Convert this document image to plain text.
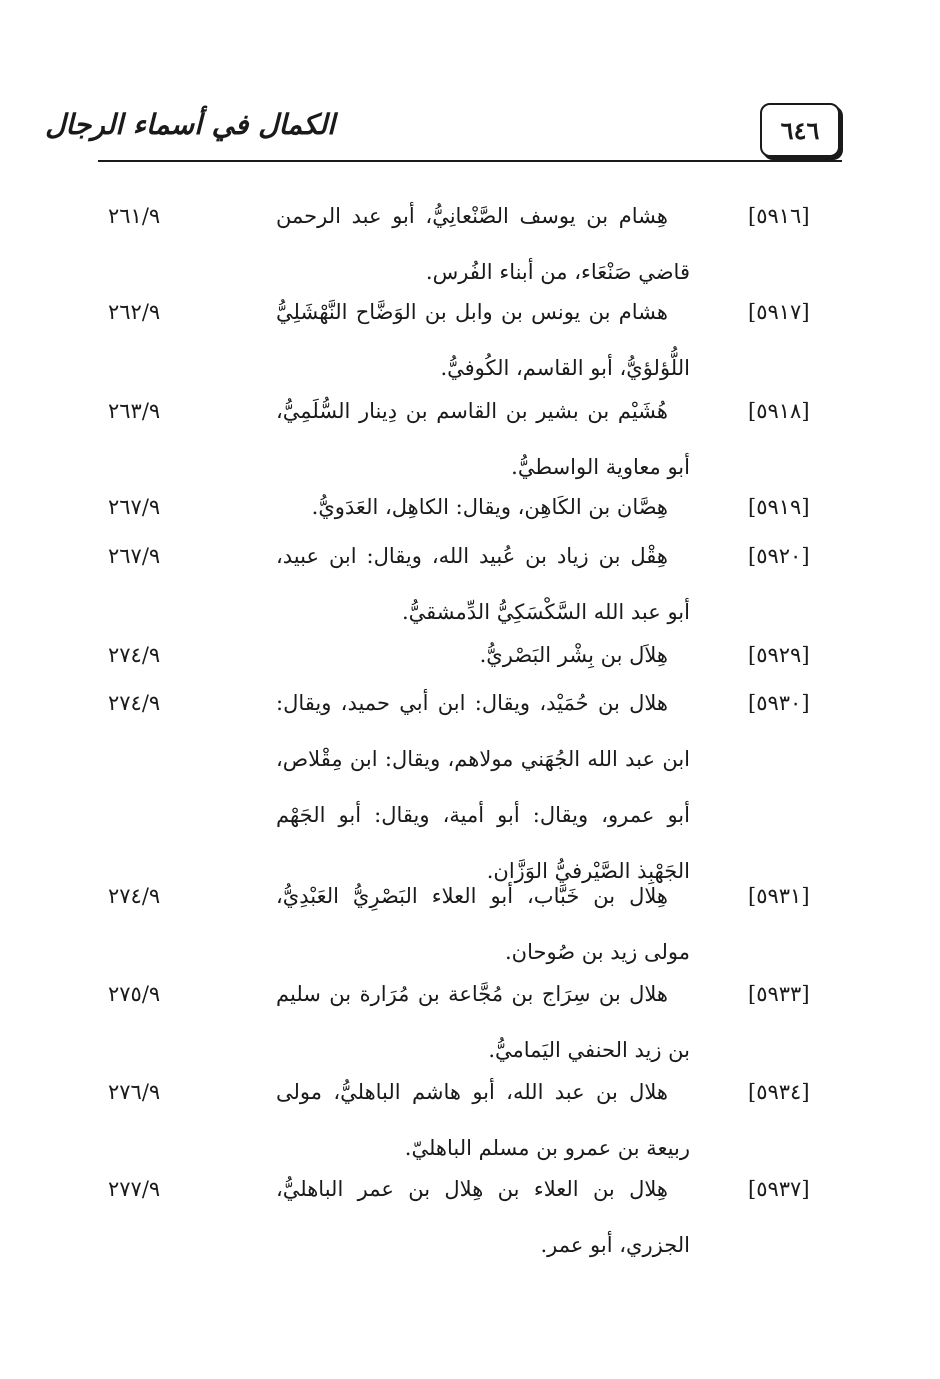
الكمال في أسماء الرجال	٦٤٦
[٥٩١٦]
هِشام بن يوسف الصَّنْعانِيُّ، أبو عبد الرحمن قاضي صَنْعَاء، من أبناء الفُرس.
٢٦١/٩
[٥٩١٧]
هشام بن يونس بن وابل بن الوَضَّاح النَّهْشَلِيُّ اللُّؤلؤيُّ، أبو القاسم، الكُوفيُّ.
٢٦٢/٩
[٥٩١٨]
هُشَيْم بن بشير بن القاسم بن دِينار السُّلَمِيُّ، أبو معاوية الواسطيُّ.
٢٦٣/٩
[٥٩١٩]
هِصَّان بن الكَاهِن، ويقال: الكاهِل، العَدَويُّ.
٢٦٧/٩
[٥٩٢٠]
هِقْل بن زياد بن عُبيد الله، ويقال: ابن عبيد، أبو عبد الله السَّكْسَكِيُّ الدِّمشقيُّ.
٢٦٧/٩
[٥٩٢٩]
هِلاَل بن بِشْر البَصْريُّ.
٢٧٤/٩
[٥٩٣٠]
هلال بن حُمَيْد، ويقال: ابن أبي حميد، ويقال: ابن عبد الله الجُهَني مولاهم، ويقال: ابن مِقْلاص، أبو عمرو، ويقال: أبو أمية، ويقال: أبو الجَهْم الجَهْبِذ الصَّيْرفيُّ الوَزَّان.
٢٧٤/٩
[٥٩٣١]
هِلال بن خَبَّاب، أبو العلاء البَصْرِيُّ العَبْدِيُّ، مولى زيد بن صُوحان.
٢٧٤/٩
[٥٩٣٣]
هلال بن سِرَاج بن مُجَّاعة بن مُرَارة بن سليم بن زيد الحنفي اليَماميُّ.
٢٧٥/٩
[٥٩٣٤]
هلال بن عبد الله، أبو هاشم الباهليُّ، مولى ربيعة بن عمرو بن مسلم الباهليّ.
٢٧٦/٩
[٥٩٣٧]
هِلال بن العلاء بن هِلال بن عمر الباهليُّ، الجزري، أبو عمر.
٢٧٧/٩
